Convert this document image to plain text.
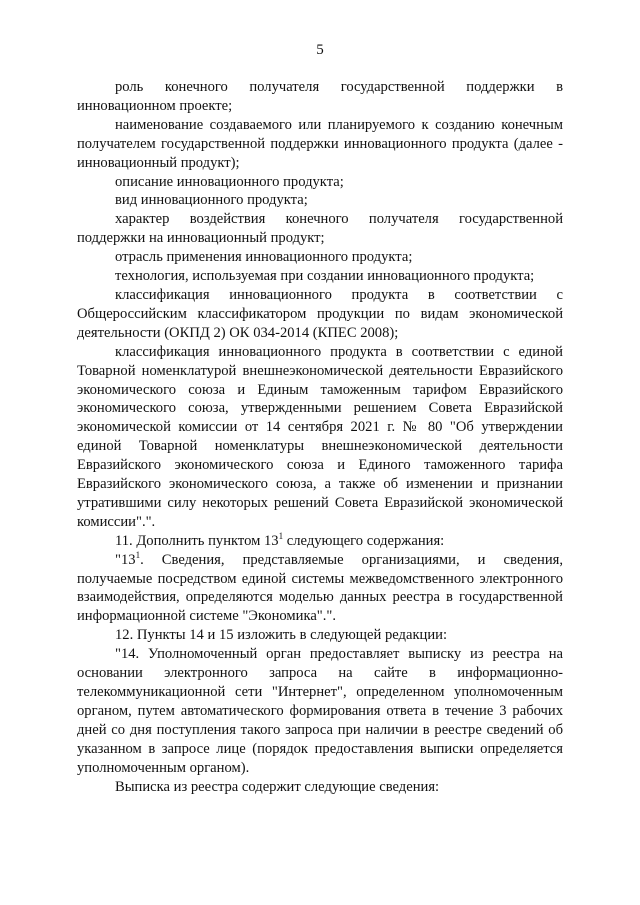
5

роль конечного получателя государственной поддержки в инновационном проекте;

наименование создаваемого или планируемого к созданию конечным получателем государственной поддержки инновационного продукта (далее - инновационный продукт);

описание инновационного продукта;

вид инновационного продукта;

характер воздействия конечного получателя государственной поддержки на инновационный продукт;

отрасль применения инновационного продукта;

технология, используемая при создании инновационного продукта;

классификация инновационного продукта в соответствии с Общероссийским классификатором продукции по видам экономической деятельности (ОКПД 2) ОК 034-2014 (КПЕС 2008);

классификация инновационного продукта в соответствии с единой Товарной номенклатурой внешнеэкономической деятельности Евразийского экономического союза и Единым таможенным тарифом Евразийского экономического союза, утвержденными решением Совета Евразийской экономической комиссии от 14 сентября 2021 г. № 80 "Об утверждении единой Товарной номенклатуры внешнеэкономической деятельности Евразийского экономического союза и Единого таможенного тарифа Евразийского экономического союза, а также об изменении и признании утратившими силу некоторых решений Совета Евразийской экономической комиссии".".

11. Дополнить пунктом $13^1$ следующего содержания:

"$13^1$. Сведения, представляемые организациями, и сведения, получаемые посредством единой системы межведомственного электронного взаимодействия, определяются моделью данных реестра в государственной информационной системе "Экономика".".

12. Пункты 14 и 15 изложить в следующей редакции:

"14. Уполномоченный орган предоставляет выписку из реестра на основании электронного запроса на сайте в информационно-телекоммуникационной сети "Интернет", определенном уполномоченным органом, путем автоматического формирования ответа в течение 3 рабочих дней со дня поступления такого запроса при наличии в реестре сведений об указанном в запросе лице (порядок предоставления выписки определяется уполномоченным органом).

Выписка из реестра содержит следующие сведения:
